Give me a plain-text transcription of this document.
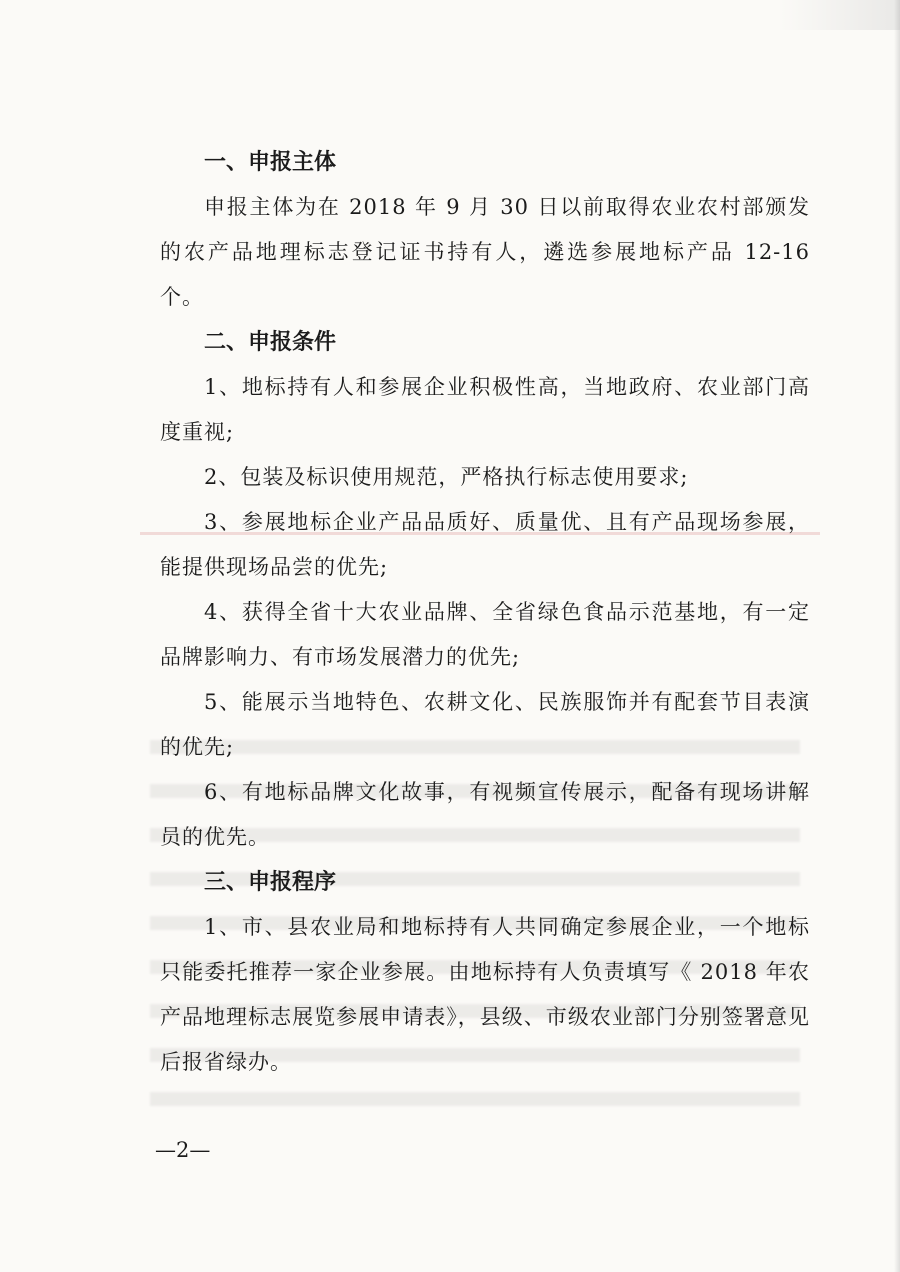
一、申报主体

申报主体为在 2018 年 9 月 30 日以前取得农业农村部颁发的农产品地理标志登记证书持有人，遴选参展地标产品 12-16 个。

二、申报条件

1、地标持有人和参展企业积极性高，当地政府、农业部门高度重视;

2、包装及标识使用规范，严格执行标志使用要求;

3、参展地标企业产品品质好、质量优、且有产品现场参展，能提供现场品尝的优先;

4、获得全省十大农业品牌、全省绿色食品示范基地，有一定品牌影响力、有市场发展潜力的优先;

5、能展示当地特色、农耕文化、民族服饰并有配套节目表演的优先;

6、有地标品牌文化故事，有视频宣传展示，配备有现场讲解员的优先。

三、申报程序

1、市、县农业局和地标持有人共同确定参展企业，一个地标只能委托推荐一家企业参展。由地标持有人负责填写《 2018 年农产品地理标志展览参展申请表》，县级、市级农业部门分别签署意见后报省绿办。

—2—
